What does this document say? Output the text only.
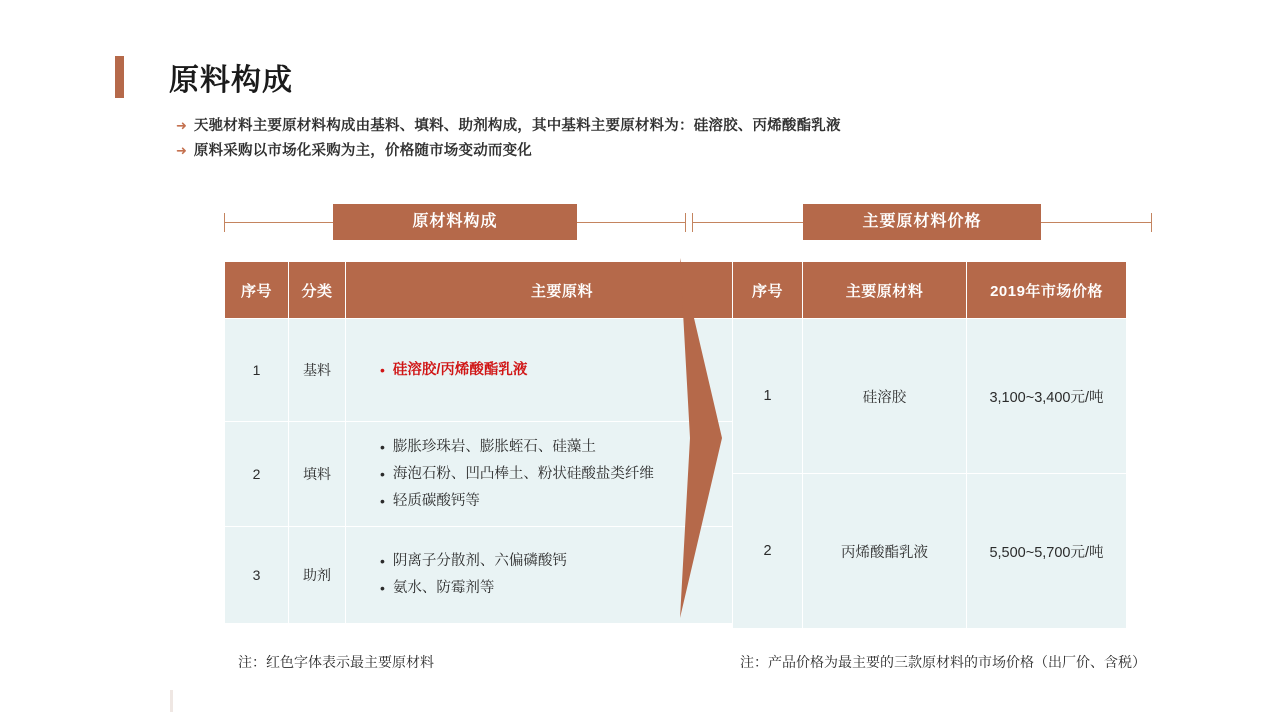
原料构成
➜ 天驰材料主要原材料构成由基料、填料、助剂构成，其中基料主要原材料为：硅溶胶、丙烯酸酯乳液
➜ 原料采购以市场化采购为主，价格随市场变动而变化
原材料构成	主要原材料价格
序号	分类	主要原料
1	基料	• 硅溶胶/丙烯酸酯乳液

2	填料	
• 膨胀珍珠岩、膨胀蛭石、硅藻土
• 海泡石粉、凹凸棒土、粉状硅酸盐类纤维
• 轻质碳酸钙等

3	助剂	• 阴离子分散剂、六偏磷酸钙
• 氨水、防霉剂等
序号	主要原材料	2019年市场价格
1	硅溶胶	3,100~3,400元/吨
2	丙烯酸酯乳液	5,500~5,700元/吨
注：红色字体表示最主要原材料	注：产品价格为最主要的三款原材料的市场价格（出厂价、含税）
